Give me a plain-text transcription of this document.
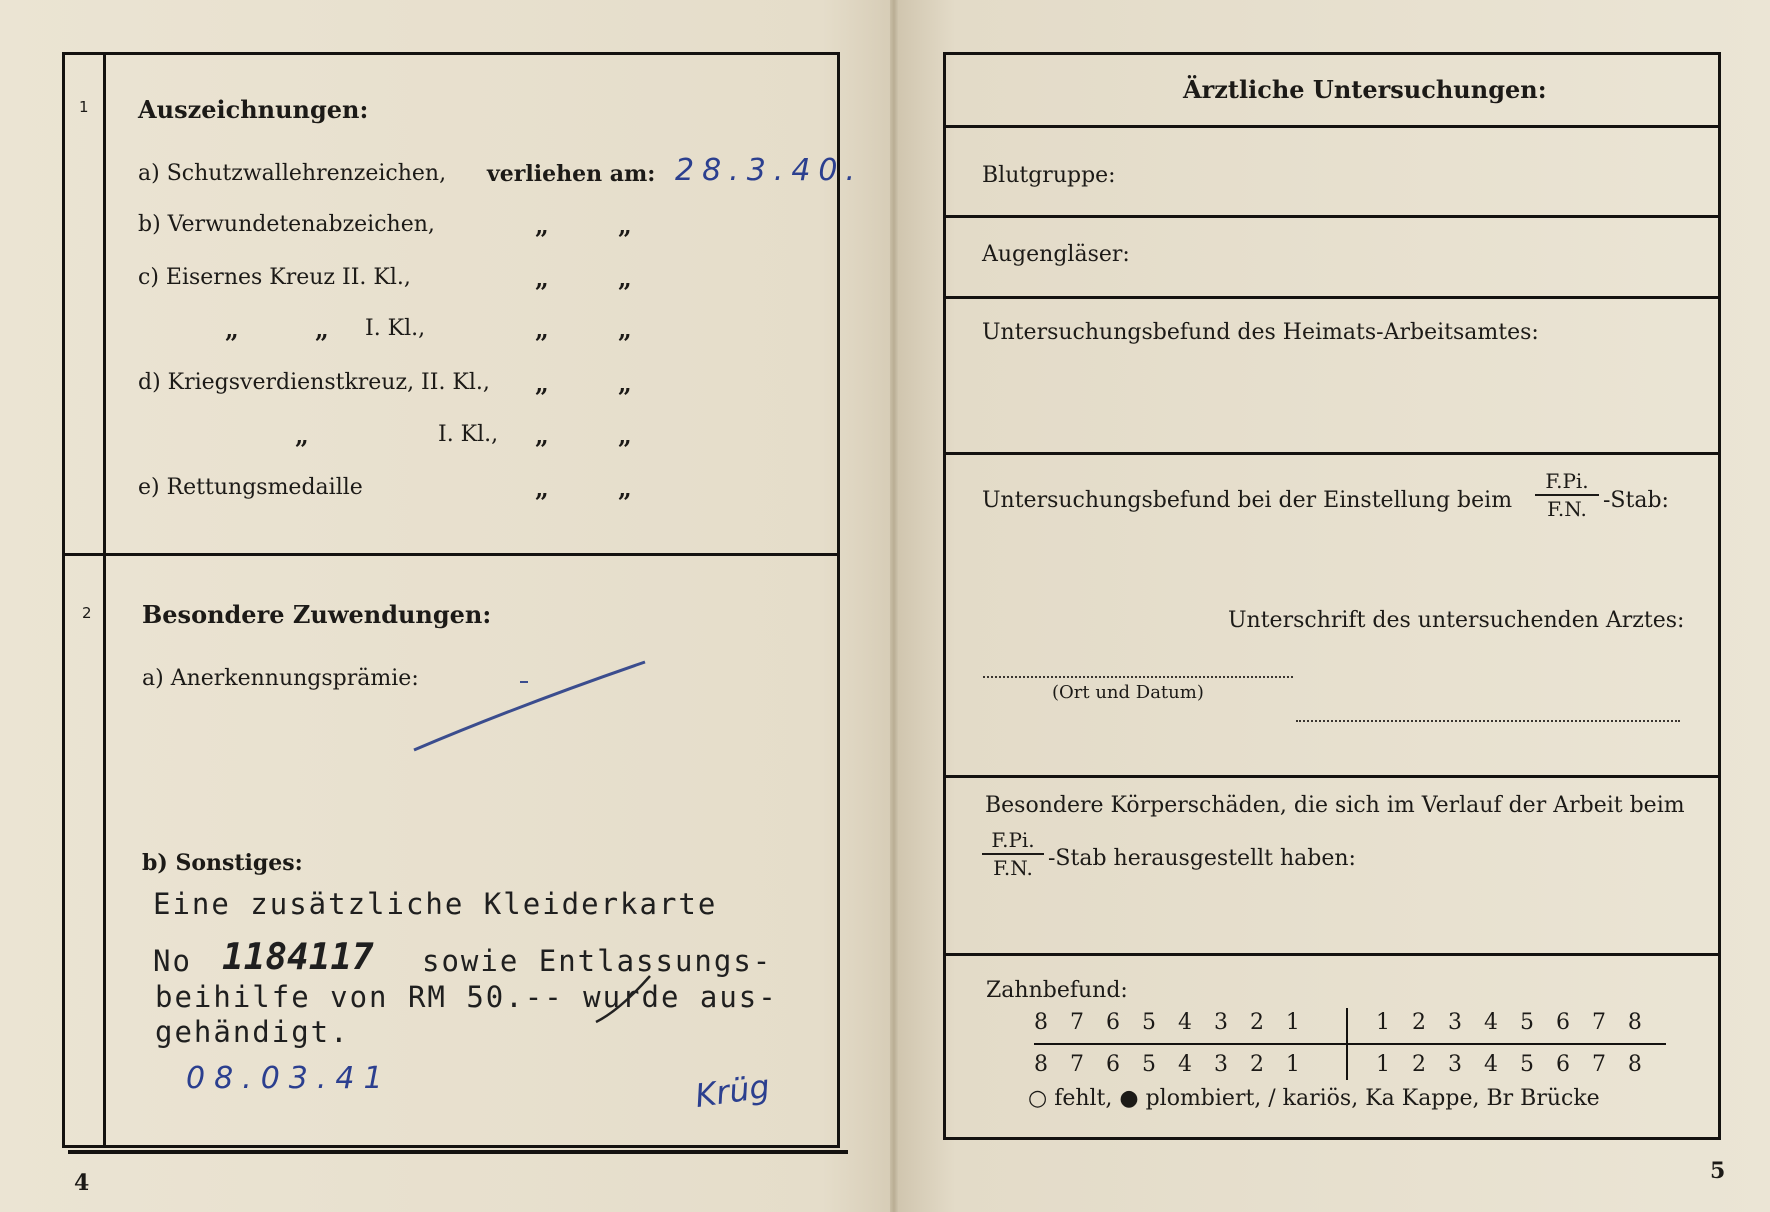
1 Auszeichnungen:
a) Schutzwallehrenzeichen, verliehen am: 28.3.40.
b) Verwundetenabzeichen,	„	„
c) Eisernes Kreuz II. Kl.,	„	„
„	„ I. Kl.,	„	„
d) Kriegsverdienstkreuz, II. Kl., „	„
„	I. Kl., „	„
e) Rettungsmedaille	„	„
2 Besondere Zuwendungen:
a) Anerkennungsprämie:
b) Sonstiges:
Eine zusätzliche Kleiderkarte
No 1184117 sowie Entlassungs-
beihilfe von RM 50.-- wurde aus-
gehändigt.
08.03.41	Krüg
4
Ärztliche Untersuchungen:
Blutgruppe:
Augengläser:
Untersuchungsbefund des Heimats-Arbeitsamtes:
Untersuchungsbefund bei der Einstellung beim
F.Pi.
F.N. -Stab:
Unterschrift des untersuchenden Arztes:
(Ort und Datum)
Besondere Körperschäden, die sich im Verlauf der Arbeit beim
F.Pi.
F.N. -Stab herausgestellt haben:
Zahnbefund:
8 7 6 5 4 3 2 1	1 2 3 4 5 6 7 8
8 7 6 5 4 3 2 1	1 2 3 4 5 6 7 8
○ fehlt, ● plombiert, / kariös, Ka Kappe, Br Brücke
5
